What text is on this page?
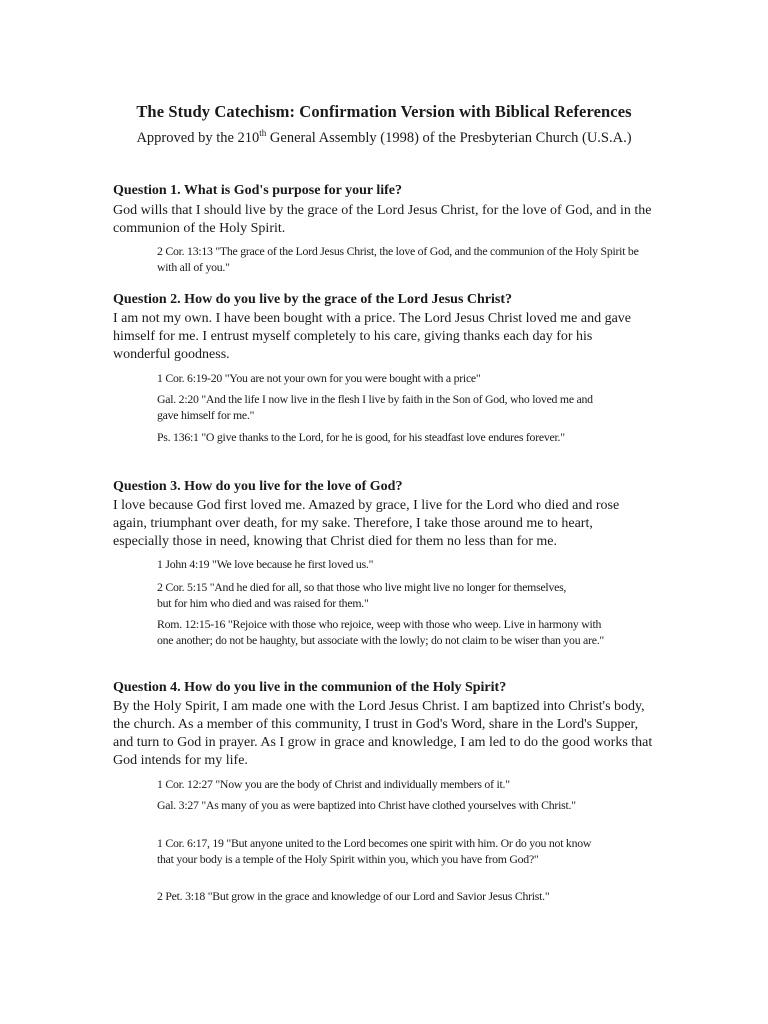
The Study Catechism: Confirmation Version with Biblical References
Approved by the 210th General Assembly (1998) of the Presbyterian Church (U.S.A.)
Question 1. What is God's purpose for your life?
God wills that I should live by the grace of the Lord Jesus Christ, for the love of God, and in the communion of the Holy Spirit.
2 Cor. 13:13 "The grace of the Lord Jesus Christ, the love of God, and the communion of the Holy Spirit be with all of you."
Question 2. How do you live by the grace of the Lord Jesus Christ?
I am not my own. I have been bought with a price. The Lord Jesus Christ loved me and gave himself for me. I entrust myself completely to his care, giving thanks each day for his wonderful goodness.
1 Cor. 6:19-20 "You are not your own for you were bought with a price"
Gal. 2:20 "And the life I now live in the flesh I live by faith in the Son of God, who loved me and gave himself for me."
Ps. 136:1 "O give thanks to the Lord, for he is good, for his steadfast love endures forever."
Question 3. How do you live for the love of God?
I love because God first loved me. Amazed by grace, I live for the Lord who died and rose again, triumphant over death, for my sake. Therefore, I take those around me to heart, especially those in need, knowing that Christ died for them no less than for me.
1 John 4:19 "We love because he first loved us."
2 Cor. 5:15 "And he died for all, so that those who live might live no longer for themselves, but for him who died and was raised for them."
Rom. 12:15-16 "Rejoice with those who rejoice, weep with those who weep. Live in harmony with one another; do not be haughty, but associate with the lowly; do not claim to be wiser than you are."
Question 4. How do you live in the communion of the Holy Spirit?
By the Holy Spirit, I am made one with the Lord Jesus Christ. I am baptized into Christ's body, the church. As a member of this community, I trust in God's Word, share in the Lord's Supper, and turn to God in prayer. As I grow in grace and knowledge, I am led to do the good works that God intends for my life.
1 Cor. 12:27 "Now you are the body of Christ and individually members of it."
Gal. 3:27 "As many of you as were baptized into Christ have clothed yourselves with Christ."
1 Cor. 6:17, 19 "But anyone united to the Lord becomes one spirit with him. Or do you not know that your body is a temple of the Holy Spirit within you, which you have from God?"
2 Pet. 3:18 "But grow in the grace and knowledge of our Lord and Savior Jesus Christ."
